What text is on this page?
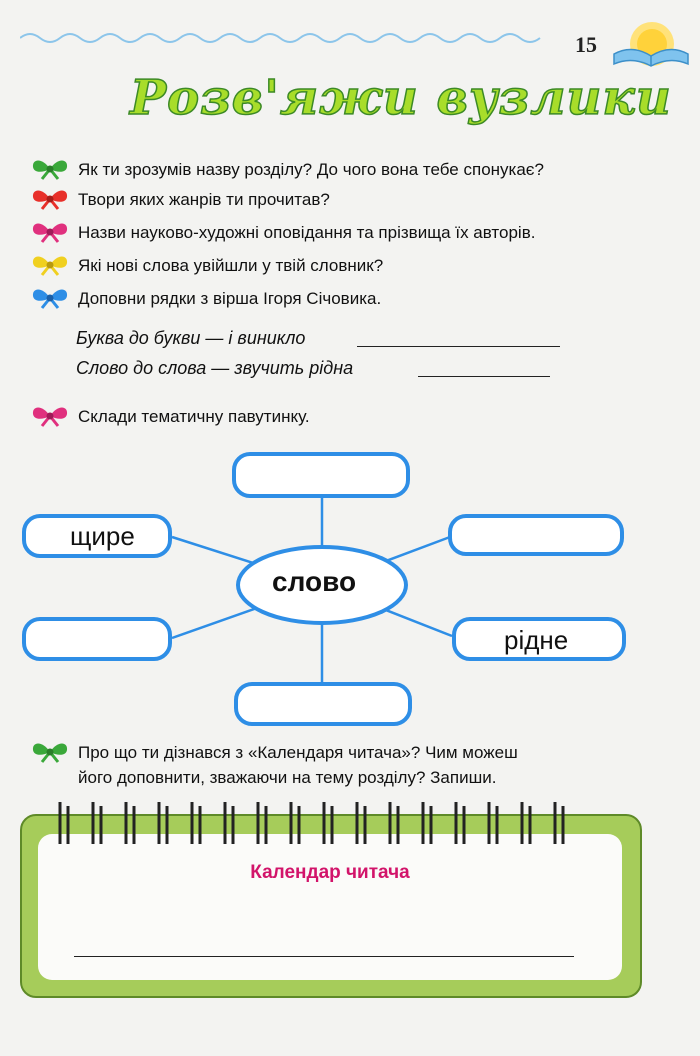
15
Розв'яжи вузлики
Як ти зрозумів назву розділу? До чого вона тебе спонукає?
Твори яких жанрів ти прочитав?
Назви науково-художні оповідання та прізвища їх авторів.
Які нові слова увійшли у твій словник?
Доповни рядки з вірша Ігоря Січовика.
Буква до букви — і виникло
Слово до слова — звучить рідна
Склади тематичну павутинку.
слово
щире
рідне
Про що ти дізнався з «Календаря читача»? Чим можеш
його доповнити, зважаючи на тему розділу? Запиши.
Календар читача
